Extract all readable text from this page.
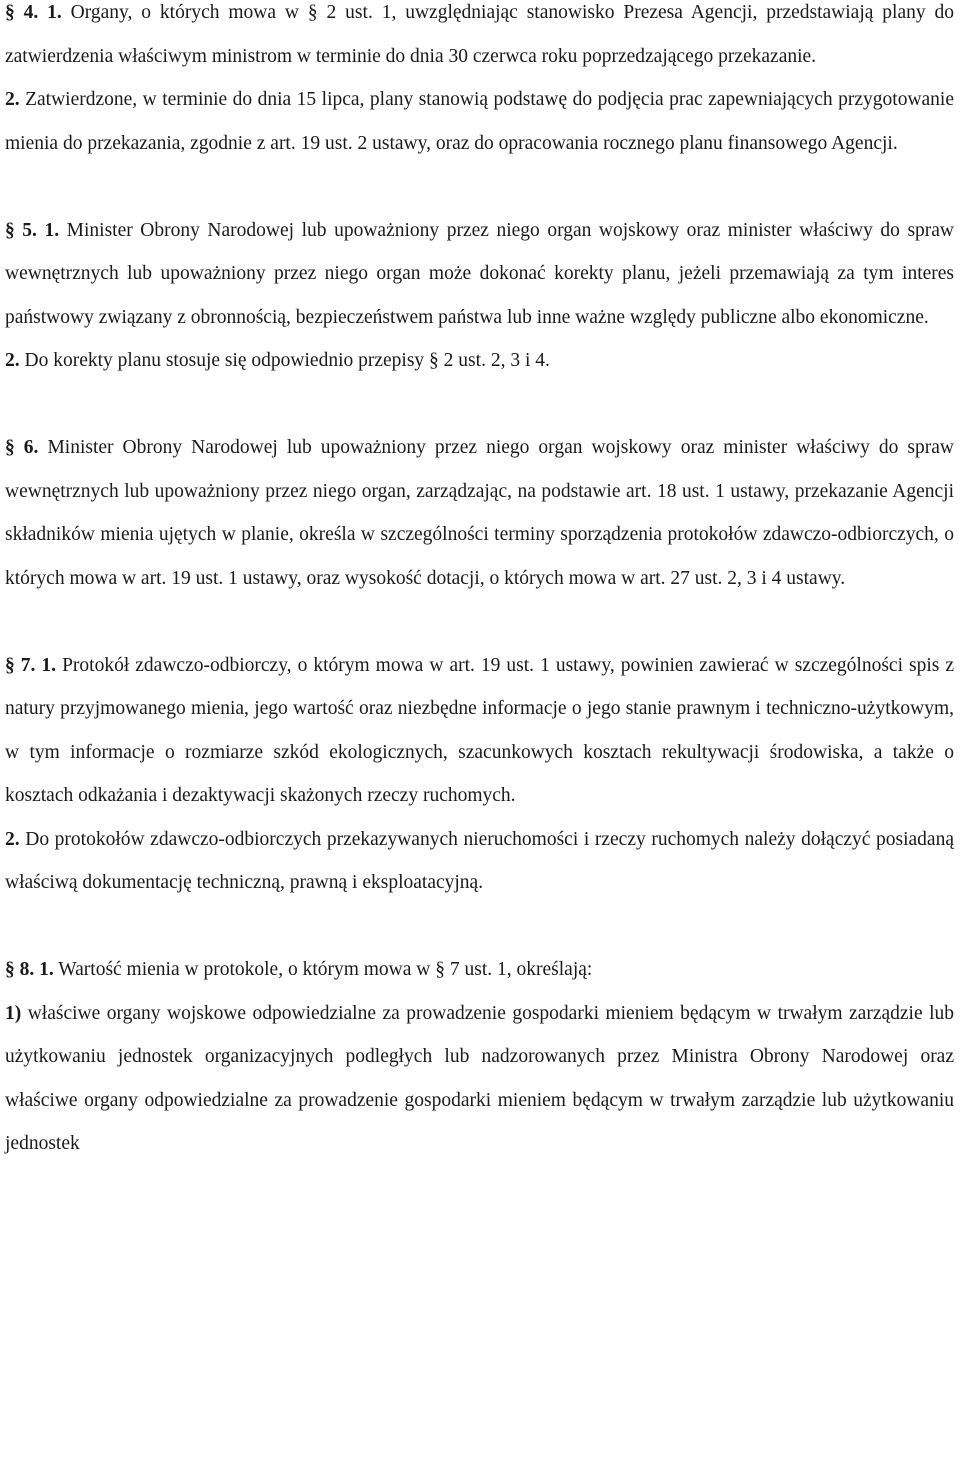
§ 4. 1. Organy, o których mowa w § 2 ust. 1, uwzględniając stanowisko Prezesa Agencji, przedstawiają plany do zatwierdzenia właściwym ministrom w terminie do dnia 30 czerwca roku poprzedzającego przekazanie.

2. Zatwierdzone, w terminie do dnia 15 lipca, plany stanowią podstawę do podjęcia prac zapewniających przygotowanie mienia do przekazania, zgodnie z art. 19 ust. 2 ustawy, oraz do opracowania rocznego planu finansowego Agencji.

§ 5. 1. Minister Obrony Narodowej lub upoważniony przez niego organ wojskowy oraz minister właściwy do spraw wewnętrznych lub upoważniony przez niego organ może dokonać korekty planu, jeżeli przemawiają za tym interes państwowy związany z obronnością, bezpieczeństwem państwa lub inne ważne względy publiczne albo ekonomiczne.

2. Do korekty planu stosuje się odpowiednio przepisy § 2 ust. 2, 3 i 4.

§ 6. Minister Obrony Narodowej lub upoważniony przez niego organ wojskowy oraz minister właściwy do spraw wewnętrznych lub upoważniony przez niego organ, zarządzając, na podstawie art. 18 ust. 1 ustawy, przekazanie Agencji składników mienia ujętych w planie, określa w szczególności terminy sporządzenia protokołów zdawczo-odbiorczych, o których mowa w art. 19 ust. 1 ustawy, oraz wysokość dotacji, o których mowa w art. 27 ust. 2, 3 i 4 ustawy.

§ 7. 1. Protokół zdawczo-odbiorczy, o którym mowa w art. 19 ust. 1 ustawy, powinien zawierać w szczególności spis z natury przyjmowanego mienia, jego wartość oraz niezbędne informacje o jego stanie prawnym i techniczno-użytkowym, w tym informacje o rozmiarze szkód ekologicznych, szacunkowych kosztach rekultywacji środowiska, a także o kosztach odkażania i dezaktywacji skażonych rzeczy ruchomych.

2. Do protokołów zdawczo-odbiorczych przekazywanych nieruchomości i rzeczy ruchomych należy dołączyć posiadaną właściwą dokumentację techniczną, prawną i eksploatacyjną.

§ 8. 1. Wartość mienia w protokole, o którym mowa w § 7 ust. 1, określają:

1) właściwe organy wojskowe odpowiedzialne za prowadzenie gospodarki mieniem będącym w trwałym zarządzie lub użytkowaniu jednostek organizacyjnych podległych lub nadzorowanych przez Ministra Obrony Narodowej oraz właściwe organy odpowiedzialne za prowadzenie gospodarki mieniem będącym w trwałym zarządzie lub użytkowaniu jednostek
